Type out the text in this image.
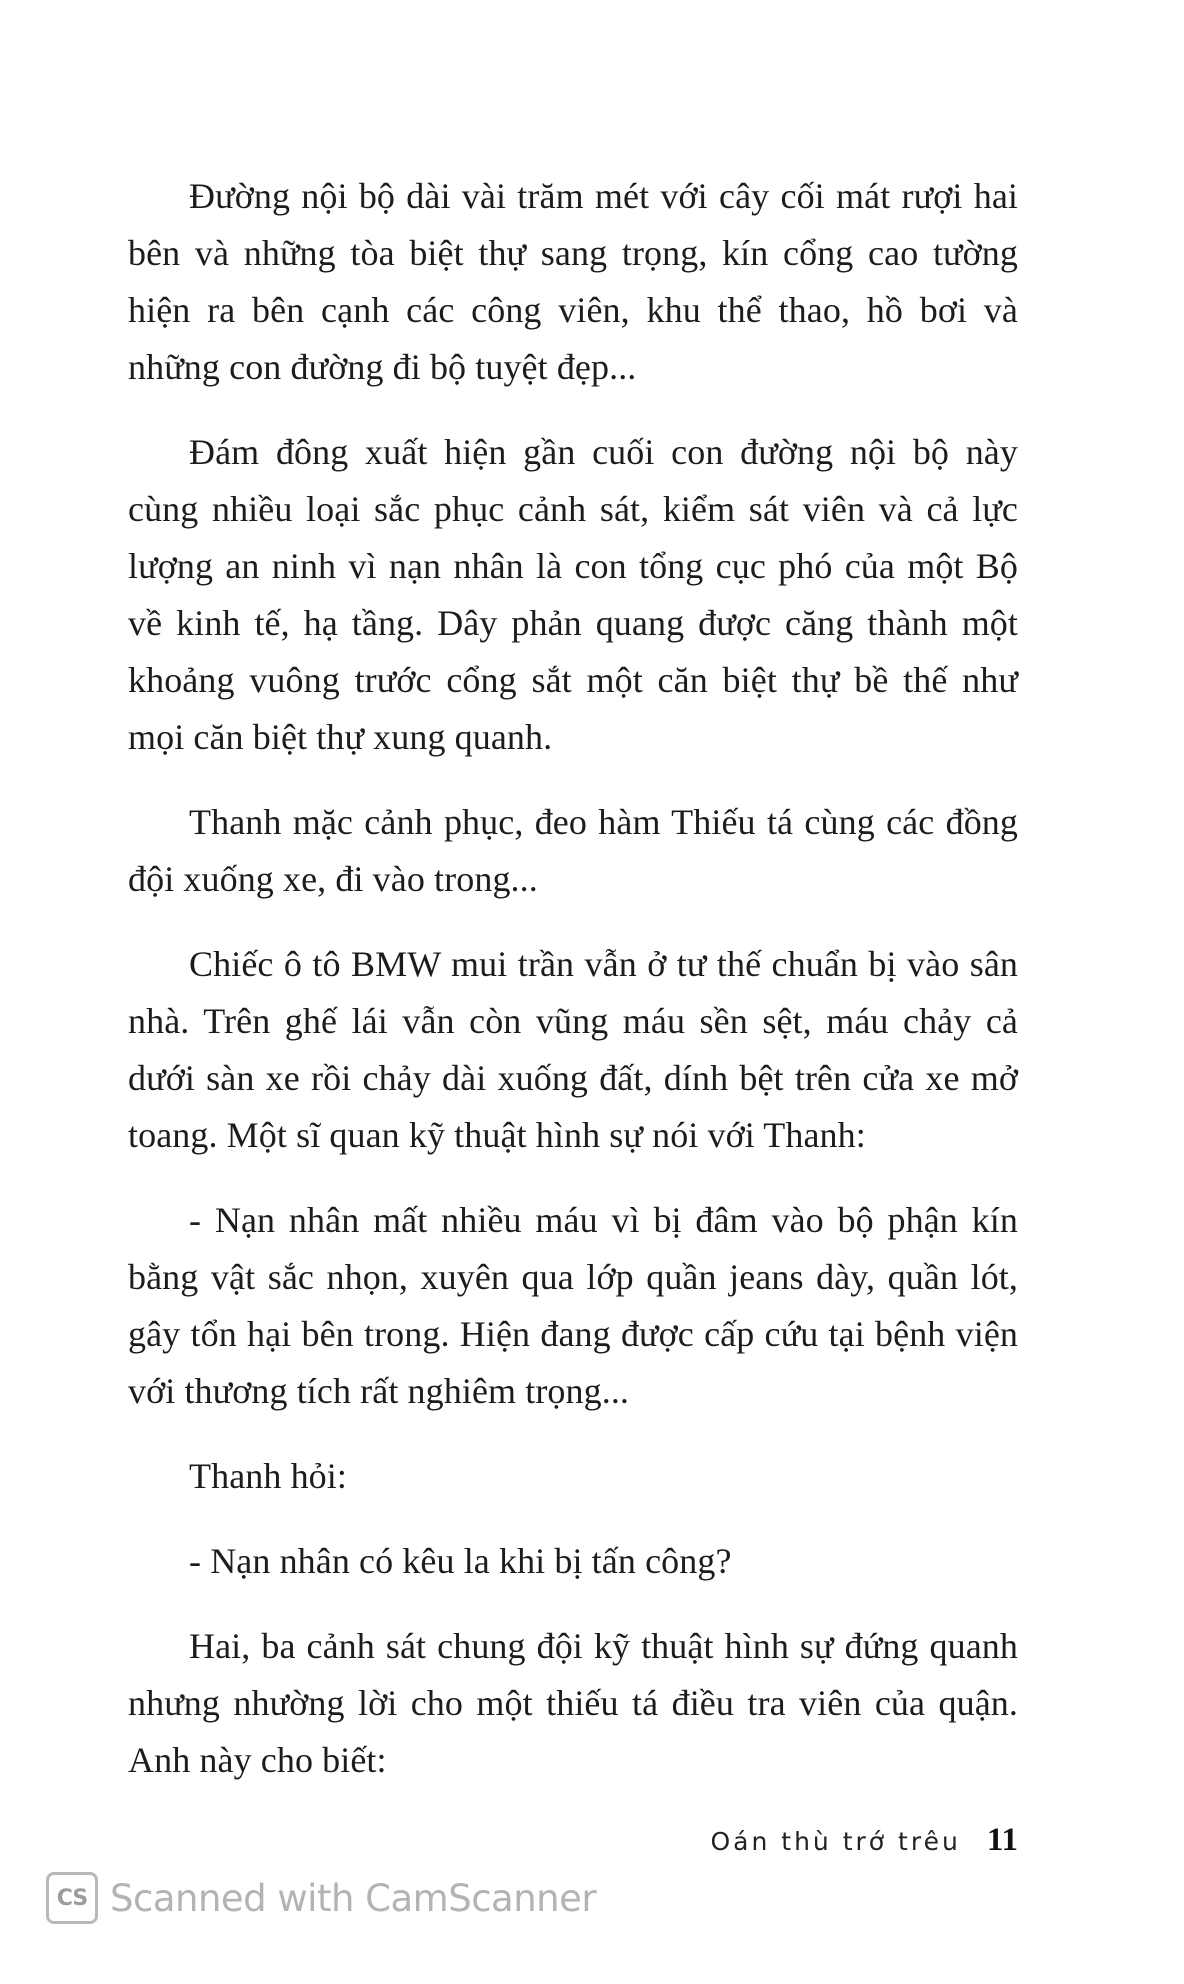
Đường nội bộ dài vài trăm mét với cây cối mát rượi hai bên và những tòa biệt thự sang trọng, kín cổng cao tường hiện ra bên cạnh các công viên, khu thể thao, hồ bơi và những con đường đi bộ tuyệt đẹp...

Đám đông xuất hiện gần cuối con đường nội bộ này cùng nhiều loại sắc phục cảnh sát, kiểm sát viên và cả lực lượng an ninh vì nạn nhân là con tổng cục phó của một Bộ về kinh tế, hạ tầng. Dây phản quang được căng thành một khoảng vuông trước cổng sắt một căn biệt thự bề thế như mọi căn biệt thự xung quanh.

Thanh mặc cảnh phục, đeo hàm Thiếu tá cùng các đồng đội xuống xe, đi vào trong...

Chiếc ô tô BMW mui trần vẫn ở tư thế chuẩn bị vào sân nhà. Trên ghế lái vẫn còn vũng máu sền sệt, máu chảy cả dưới sàn xe rồi chảy dài xuống đất, dính bệt trên cửa xe mở toang. Một sĩ quan kỹ thuật hình sự nói với Thanh:

- Nạn nhân mất nhiều máu vì bị đâm vào bộ phận kín bằng vật sắc nhọn, xuyên qua lớp quần jeans dày, quần lót, gây tổn hại bên trong. Hiện đang được cấp cứu tại bệnh viện với thương tích rất nghiêm trọng...

Thanh hỏi:

- Nạn nhân có kêu la khi bị tấn công?

Hai, ba cảnh sát chung đội kỹ thuật hình sự đứng quanh nhưng nhường lời cho một thiếu tá điều tra viên của quận. Anh này cho biết:

Oán thù trớ trêu 11
CS Scanned with CamScanner
